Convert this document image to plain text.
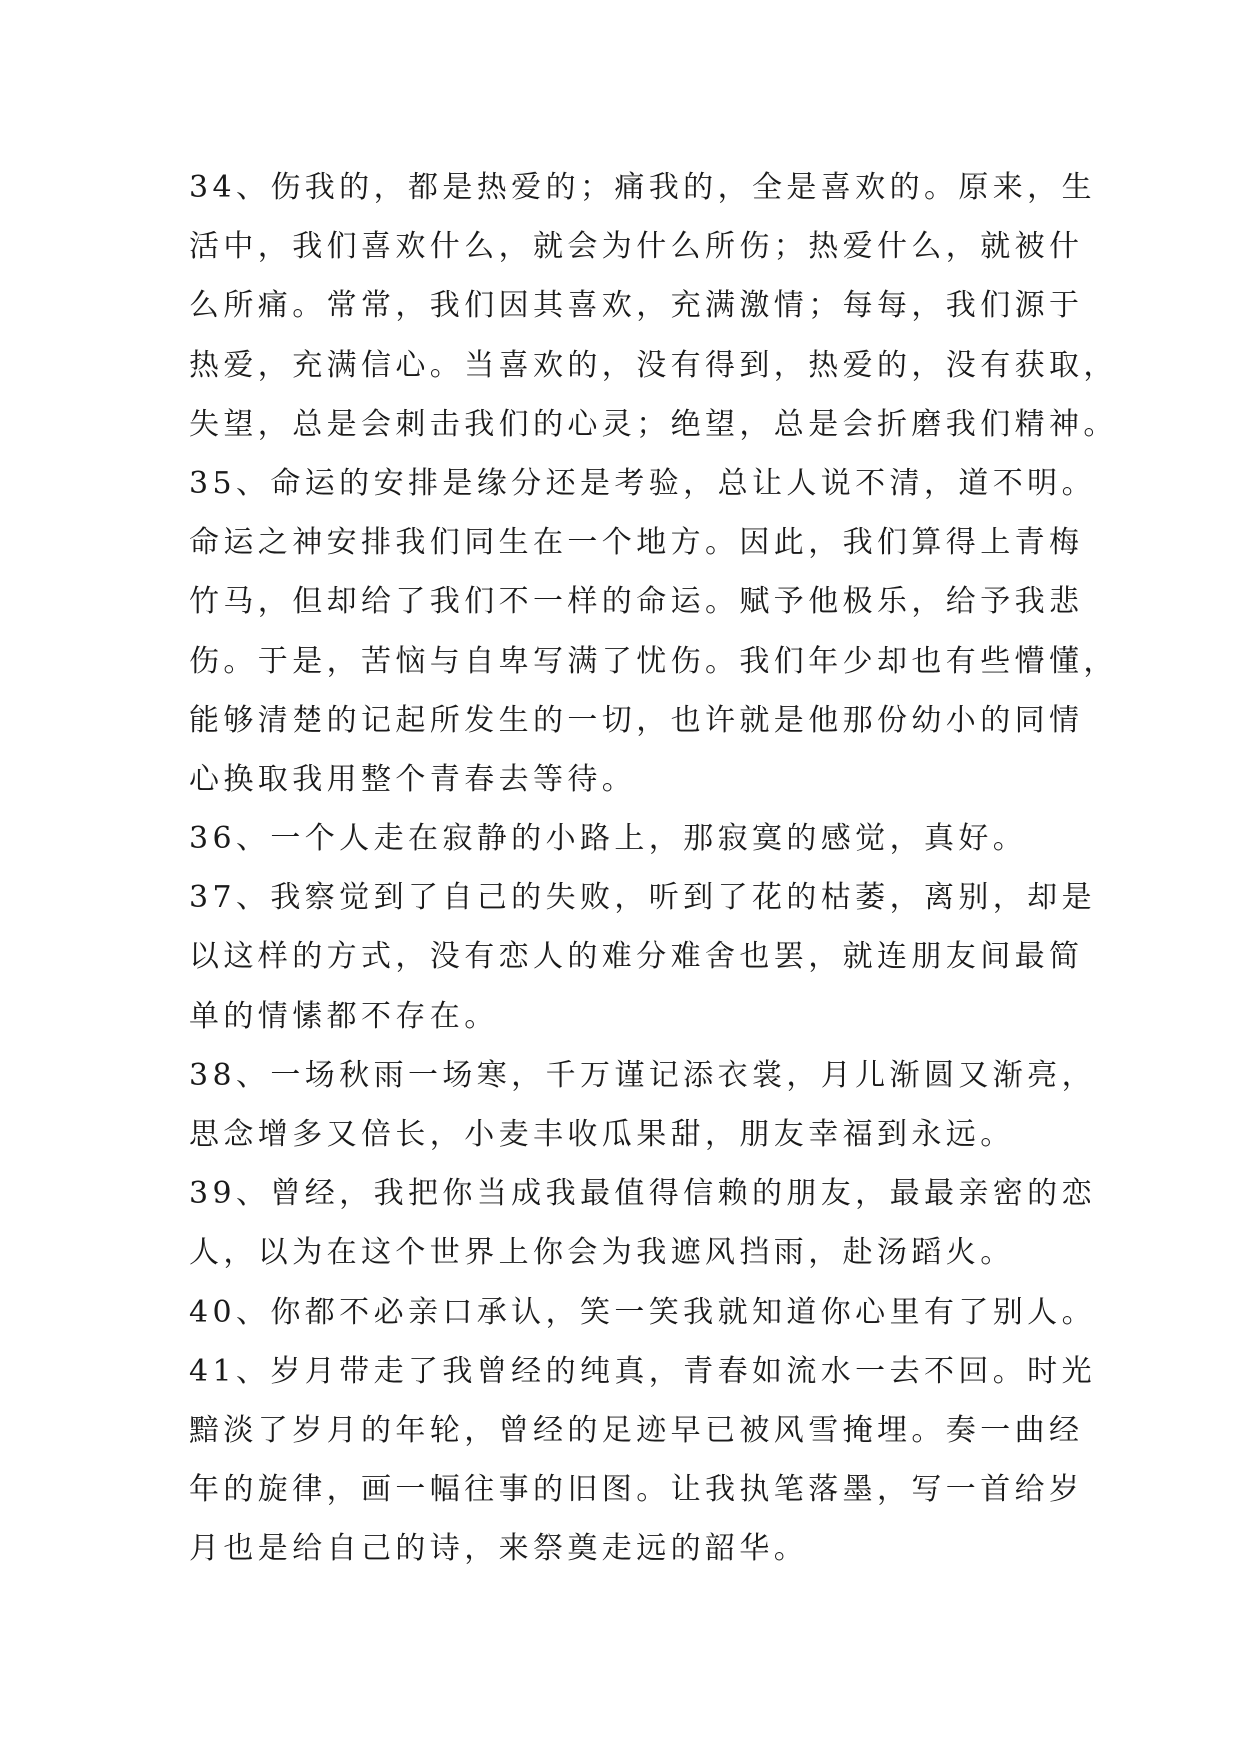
34、伤我的，都是热爱的；痛我的，全是喜欢的。原来，生
活中，我们喜欢什么，就会为什么所伤；热爱什么，就被什
么所痛。常常，我们因其喜欢，充满激情；每每，我们源于
热爱，充满信心。当喜欢的，没有得到，热爱的，没有获取，
失望，总是会刺击我们的心灵；绝望，总是会折磨我们精神。
35、命运的安排是缘分还是考验，总让人说不清，道不明。
命运之神安排我们同生在一个地方。因此，我们算得上青梅
竹马，但却给了我们不一样的命运。赋予他极乐，给予我悲
伤。于是，苦恼与自卑写满了忧伤。我们年少却也有些懵懂，
能够清楚的记起所发生的一切，也许就是他那份幼小的同情
心换取我用整个青春去等待。
36、一个人走在寂静的小路上，那寂寞的感觉，真好。
37、我察觉到了自己的失败，听到了花的枯萎，离别，却是
以这样的方式，没有恋人的难分难舍也罢，就连朋友间最简
单的情愫都不存在。
38、一场秋雨一场寒，千万谨记添衣裳，月儿渐圆又渐亮，
思念增多又倍长，小麦丰收瓜果甜，朋友幸福到永远。
39、曾经，我把你当成我最值得信赖的朋友，最最亲密的恋
人，以为在这个世界上你会为我遮风挡雨，赴汤蹈火。
40、你都不必亲口承认，笑一笑我就知道你心里有了别人。
41、岁月带走了我曾经的纯真，青春如流水一去不回。时光
黯淡了岁月的年轮，曾经的足迹早已被风雪掩埋。奏一曲经
年的旋律，画一幅往事的旧图。让我执笔落墨，写一首给岁
月也是给自己的诗，来祭奠走远的韶华。
